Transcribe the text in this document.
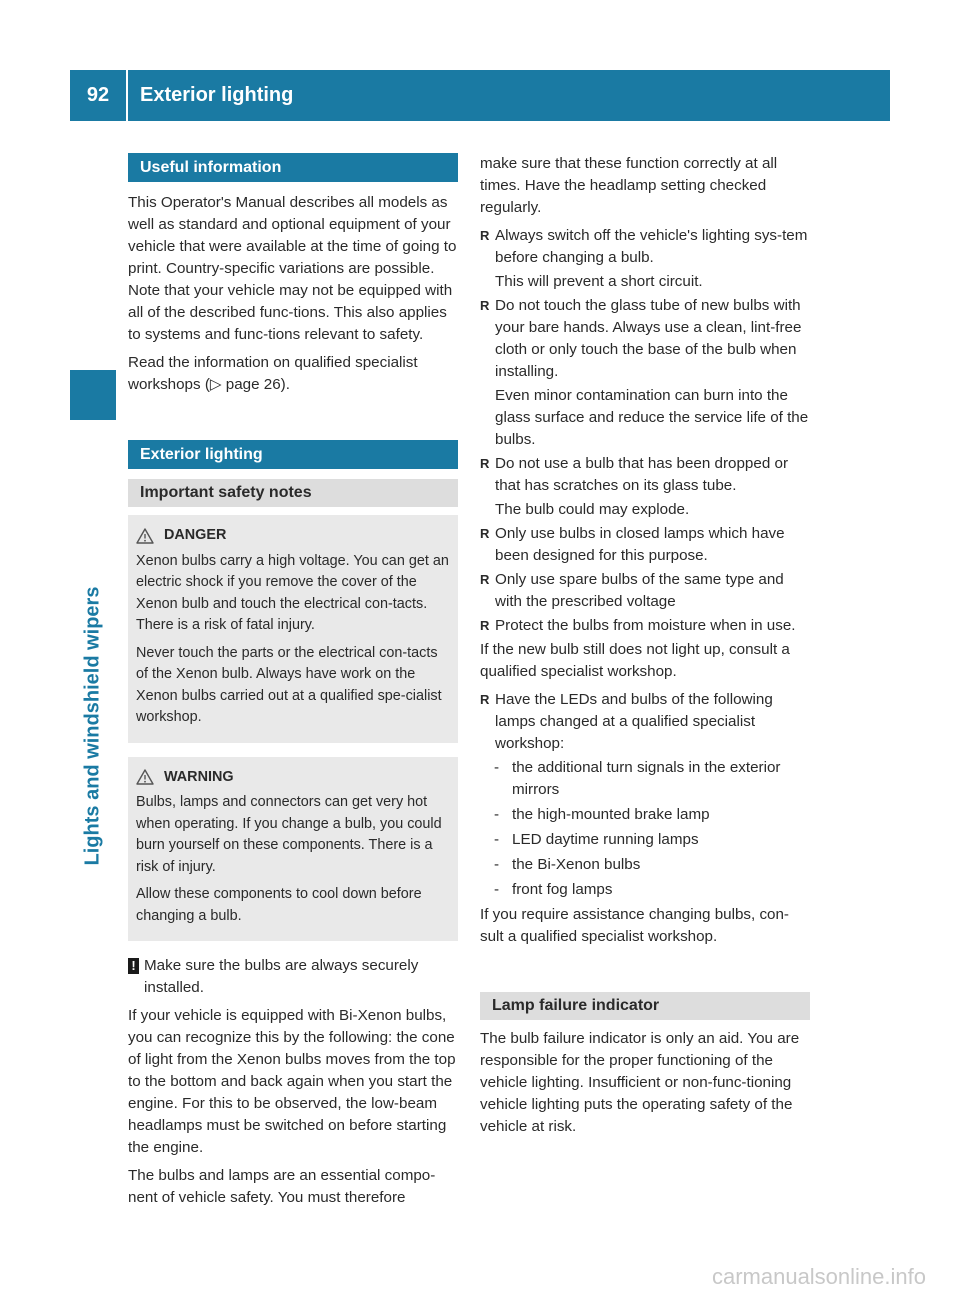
92	Exterior lighting
Lights and windshield wipers
Useful information

This Operator's Manual describes all models as well as standard and optional equipment of your vehicle that were available at the time of going to print. Country-specific variations are possible. Note that your vehicle may not be equipped with all of the described func-tions. This also applies to systems and func-tions relevant to safety.

Read the information on qualified specialist workshops (▷ page 26).

Exterior lighting
Important safety notes
DANGER

Xenon bulbs carry a high voltage. You can get an electric shock if you remove the cover of the Xenon bulb and touch the electrical con-tacts. There is a risk of fatal injury.

Never touch the parts or the electrical con-tacts of the Xenon bulb. Always have work on the Xenon bulbs carried out at a qualified spe-cialist workshop.

WARNING

Bulbs, lamps and connectors can get very hot when operating. If you change a bulb, you could burn yourself on these components. There is a risk of injury.

Allow these components to cool down before changing a bulb.

! Make sure the bulbs are always securely installed.

If your vehicle is equipped with Bi-Xenon bulbs, you can recognize this by the following: the cone of light from the Xenon bulbs moves from the top to the bottom and back again when you start the engine. For this to be observed, the low-beam headlamps must be switched on before starting the engine.

The bulbs and lamps are an essential compo-nent of vehicle safety. You must therefore

make sure that these function correctly at all times. Have the headlamp setting checked regularly.

R Always switch off the vehicle's lighting sys-tem before changing a bulb.
This will prevent a short circuit.
R Do not touch the glass tube of new bulbs with your bare hands. Always use a clean, lint-free cloth or only touch the base of the bulb when installing.
Even minor contamination can burn into the glass surface and reduce the service life of the bulbs.
R Do not use a bulb that has been dropped or that has scratches on its glass tube.
The bulb could may explode.
R Only use bulbs in closed lamps which have been designed for this purpose.
R Only use spare bulbs of the same type and with the prescribed voltage
R Protect the bulbs from moisture when in use.

If the new bulb still does not light up, consult a qualified specialist workshop.

R Have the LEDs and bulbs of the following lamps changed at a qualified specialist workshop:
- the additional turn signals in the exterior mirrors
- the high-mounted brake lamp
- LED daytime running lamps
- the Bi-Xenon bulbs
- front fog lamps

If you require assistance changing bulbs, con-sult a qualified specialist workshop.

Lamp failure indicator

The bulb failure indicator is only an aid. You are responsible for the proper functioning of the vehicle lighting. Insufficient or non-func-tioning vehicle lighting puts the operating safety of the vehicle at risk.

carmanualsonline.info
